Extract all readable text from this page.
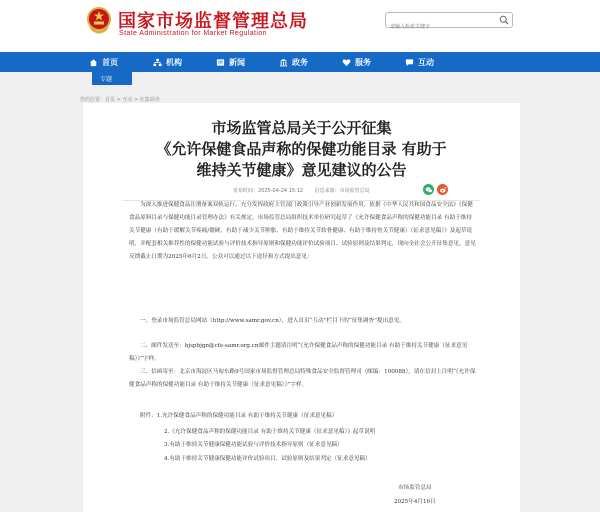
国家市场监督管理总局
State Administration for Market Regulation
请输入检索关键字
首页	机构	新闻	政务	服务	互动
专题
您的位置：首页 > 互动 > 征集调查
市场监管总局关于公开征集
《允许保健食品声称的保健功能目录 有助于
维持关节健康》意见建议的公告
发布时间：2025-04-24 15:12 信息来源：市场监管总局
为深入推进保健食品注册备案双轨运行，充分发挥政府主管部门政策引导产业创新发展作用，依据《中华人民共和国食品安全法》《保健食品原料目录与保健功能目录管理办法》有关规定，市场监管总局组织技术单位研究起草了《允许保健食品声称的保健功能目录 有助于维持关节健康（有助于缓解关节疼痛/僵硬、有助于减少关节肿胀、有助于维持关节软骨健康、有助于维持骨关节健康）（征求意见稿）》及起草说明，并配套相关推荐性的保健功能试验与评价技术指导原则和保健功能评价试验项目、试验原则及结果判定，现向全社会公开征集意见。意见反馈截止日期为2025年6月2日。公众可以通过以下途径和方式提出意见：
一、登录市场监管总局网站（http://www.samr.gov.cn），进入首页“互动”栏目下的“征集调查”提出意见。
二、邮件发送至：bjspbjgn@cfe-samr.org.cn邮件主题请注明“《允许保健食品声称的保健功能目录 有助于维持关节健康（征求意见稿）》”字样。
三、信函寄至：北京市海淀区马甸东路9号国家市场监督管理总局特殊食品安全监督管理司（邮编：100088），请在信封上注明“《允许保健食品声称的保健功能目录 有助于维持关节健康（征求意见稿）》”字样。
附件：1.允许保健食品声称的保健功能目录 有助于维持关节健康（征求意见稿）
2.《允许保健食品声称的保健功能目录 有助于维持关节健康（征求意见稿）》起草说明
3.有助于维持关节健康保健功能试验与评价技术指导原则（征求意见稿）
4.有助于维持关节健康保健功能评价试验项目、试验原则及结果判定（征求意见稿）
市场监管总局
2025年4月16日
